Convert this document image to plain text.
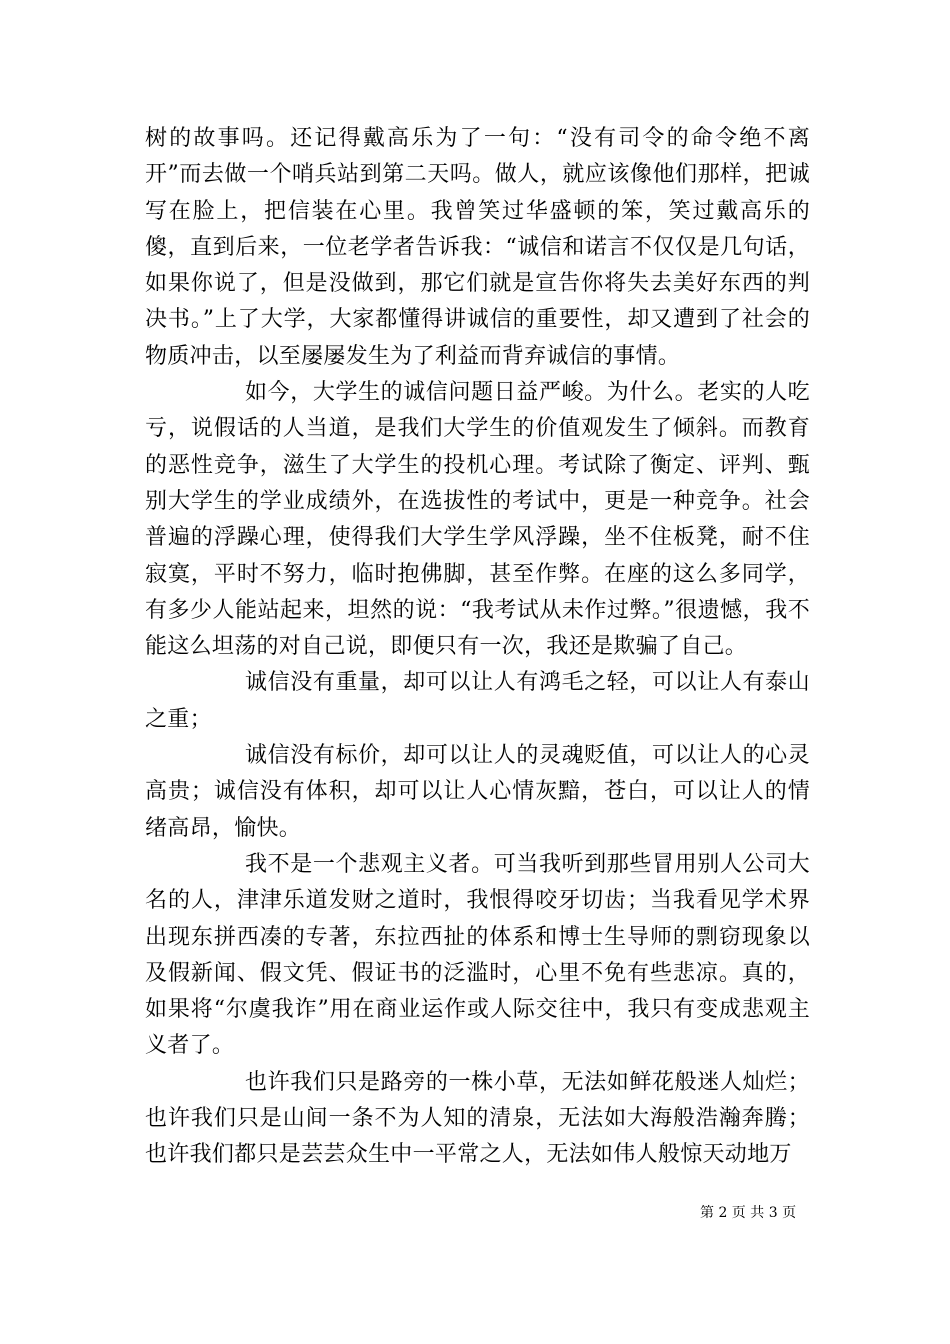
树的故事吗。还记得戴高乐为了一句：“没有司令的命令绝不离开”而去做一个哨兵站到第二天吗。做人，就应该像他们那样，把诚写在脸上，把信装在心里。我曾笑过华盛顿的笨，笑过戴高乐的傻，直到后来，一位老学者告诉我：“诚信和诺言不仅仅是几句话，如果你说了，但是没做到，那它们就是宣告你将失去美好东西的判决书。”上了大学，大家都懂得讲诚信的重要性，却又遭到了社会的物质冲击，以至屡屡发生为了利益而背弃诚信的事情。

如今，大学生的诚信问题日益严峻。为什么。老实的人吃亏，说假话的人当道，是我们大学生的价值观发生了倾斜。而教育的恶性竞争，滋生了大学生的投机心理。考试除了衡定、评判、甄别大学生的学业成绩外，在选拔性的考试中，更是一种竞争。社会普遍的浮躁心理，使得我们大学生学风浮躁，坐不住板凳，耐不住寂寞，平时不努力，临时抱佛脚，甚至作弊。在座的这么多同学，有多少人能站起来，坦然的说：“我考试从未作过弊。”很遗憾，我不能这么坦荡的对自己说，即便只有一次，我还是欺骗了自己。

诚信没有重量，却可以让人有鸿毛之轻，可以让人有泰山之重；

诚信没有标价，却可以让人的灵魂贬值，可以让人的心灵高贵；诚信没有体积，却可以让人心情灰黯，苍白，可以让人的情绪高昂，愉快。

我不是一个悲观主义者。可当我听到那些冒用别人公司大名的人，津津乐道发财之道时，我恨得咬牙切齿；当我看见学术界出现东拼西凑的专著，东拉西扯的体系和博士生导师的剽窃现象以及假新闻、假文凭、假证书的泛滥时，心里不免有些悲凉。真的，如果将“尔虞我诈”用在商业运作或人际交往中，我只有变成悲观主义者了。

也许我们只是路旁的一株小草，无法如鲜花般迷人灿烂；也许我们只是山间一条不为人知的清泉，无法如大海般浩瀚奔腾；也许我们都只是芸芸众生中一平常之人，无法如伟人般惊天动地万

第 2 页 共 3 页
